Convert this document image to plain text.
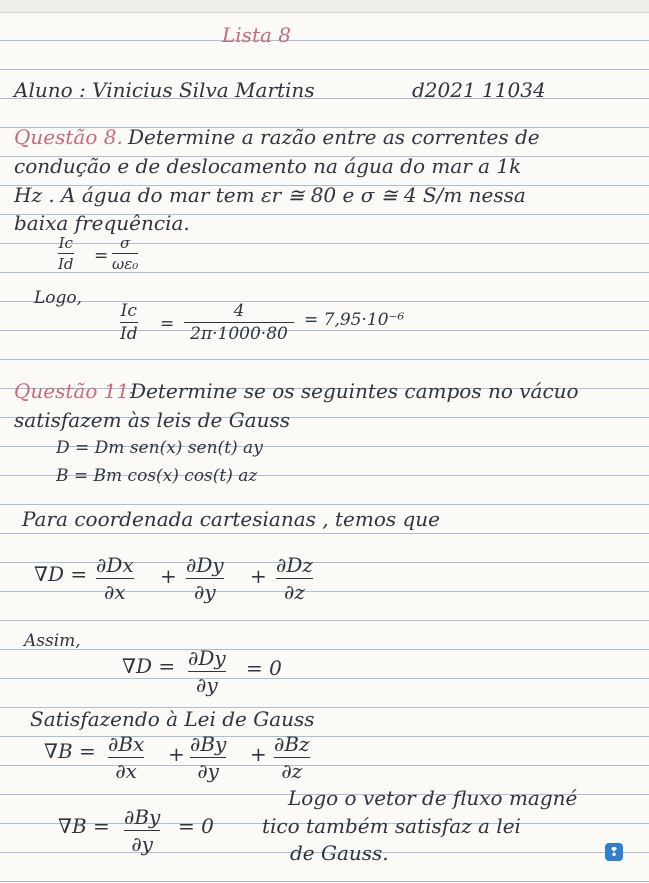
Lista 8
Aluno : Vinicius Silva Martins	d2021 11034
Questão 8. Determine a razão entre as correntes de
condução e de deslocamento na água do mar a 1k
Hz . A água do mar tem εr ≅ 80 e σ ≅ 4 S/m nessa
baixa frequência.
Ic
Id =
σ
ωε₀
Logo,
Ic
Id =
4
2π·1000·80
= 7,95·10⁻⁶
Questão 11-
Determine se os seguintes campos no vácuo
satisfazem às leis de Gauss
D = Dm sen(x) sen(t) ay
B = Bm cos(x) cos(t) az
Para coordenada cartesianas , temos que
∇D = ∂Dx
∂x
+ ∂Dy
∂y
+ ∂Dz
∂z
Assim,
∇D = ∂Dy
∂y
= 0
Satisfazendo à Lei de Gauss
∇B = ∂Bx
∂x
+ ∂By
∂y
+ ∂Bz
∂z
Logo o vetor de fluxo magné
∇B = ∂By
∂y
= 0 tico também satisfaz a lei
de Gauss.	❢
